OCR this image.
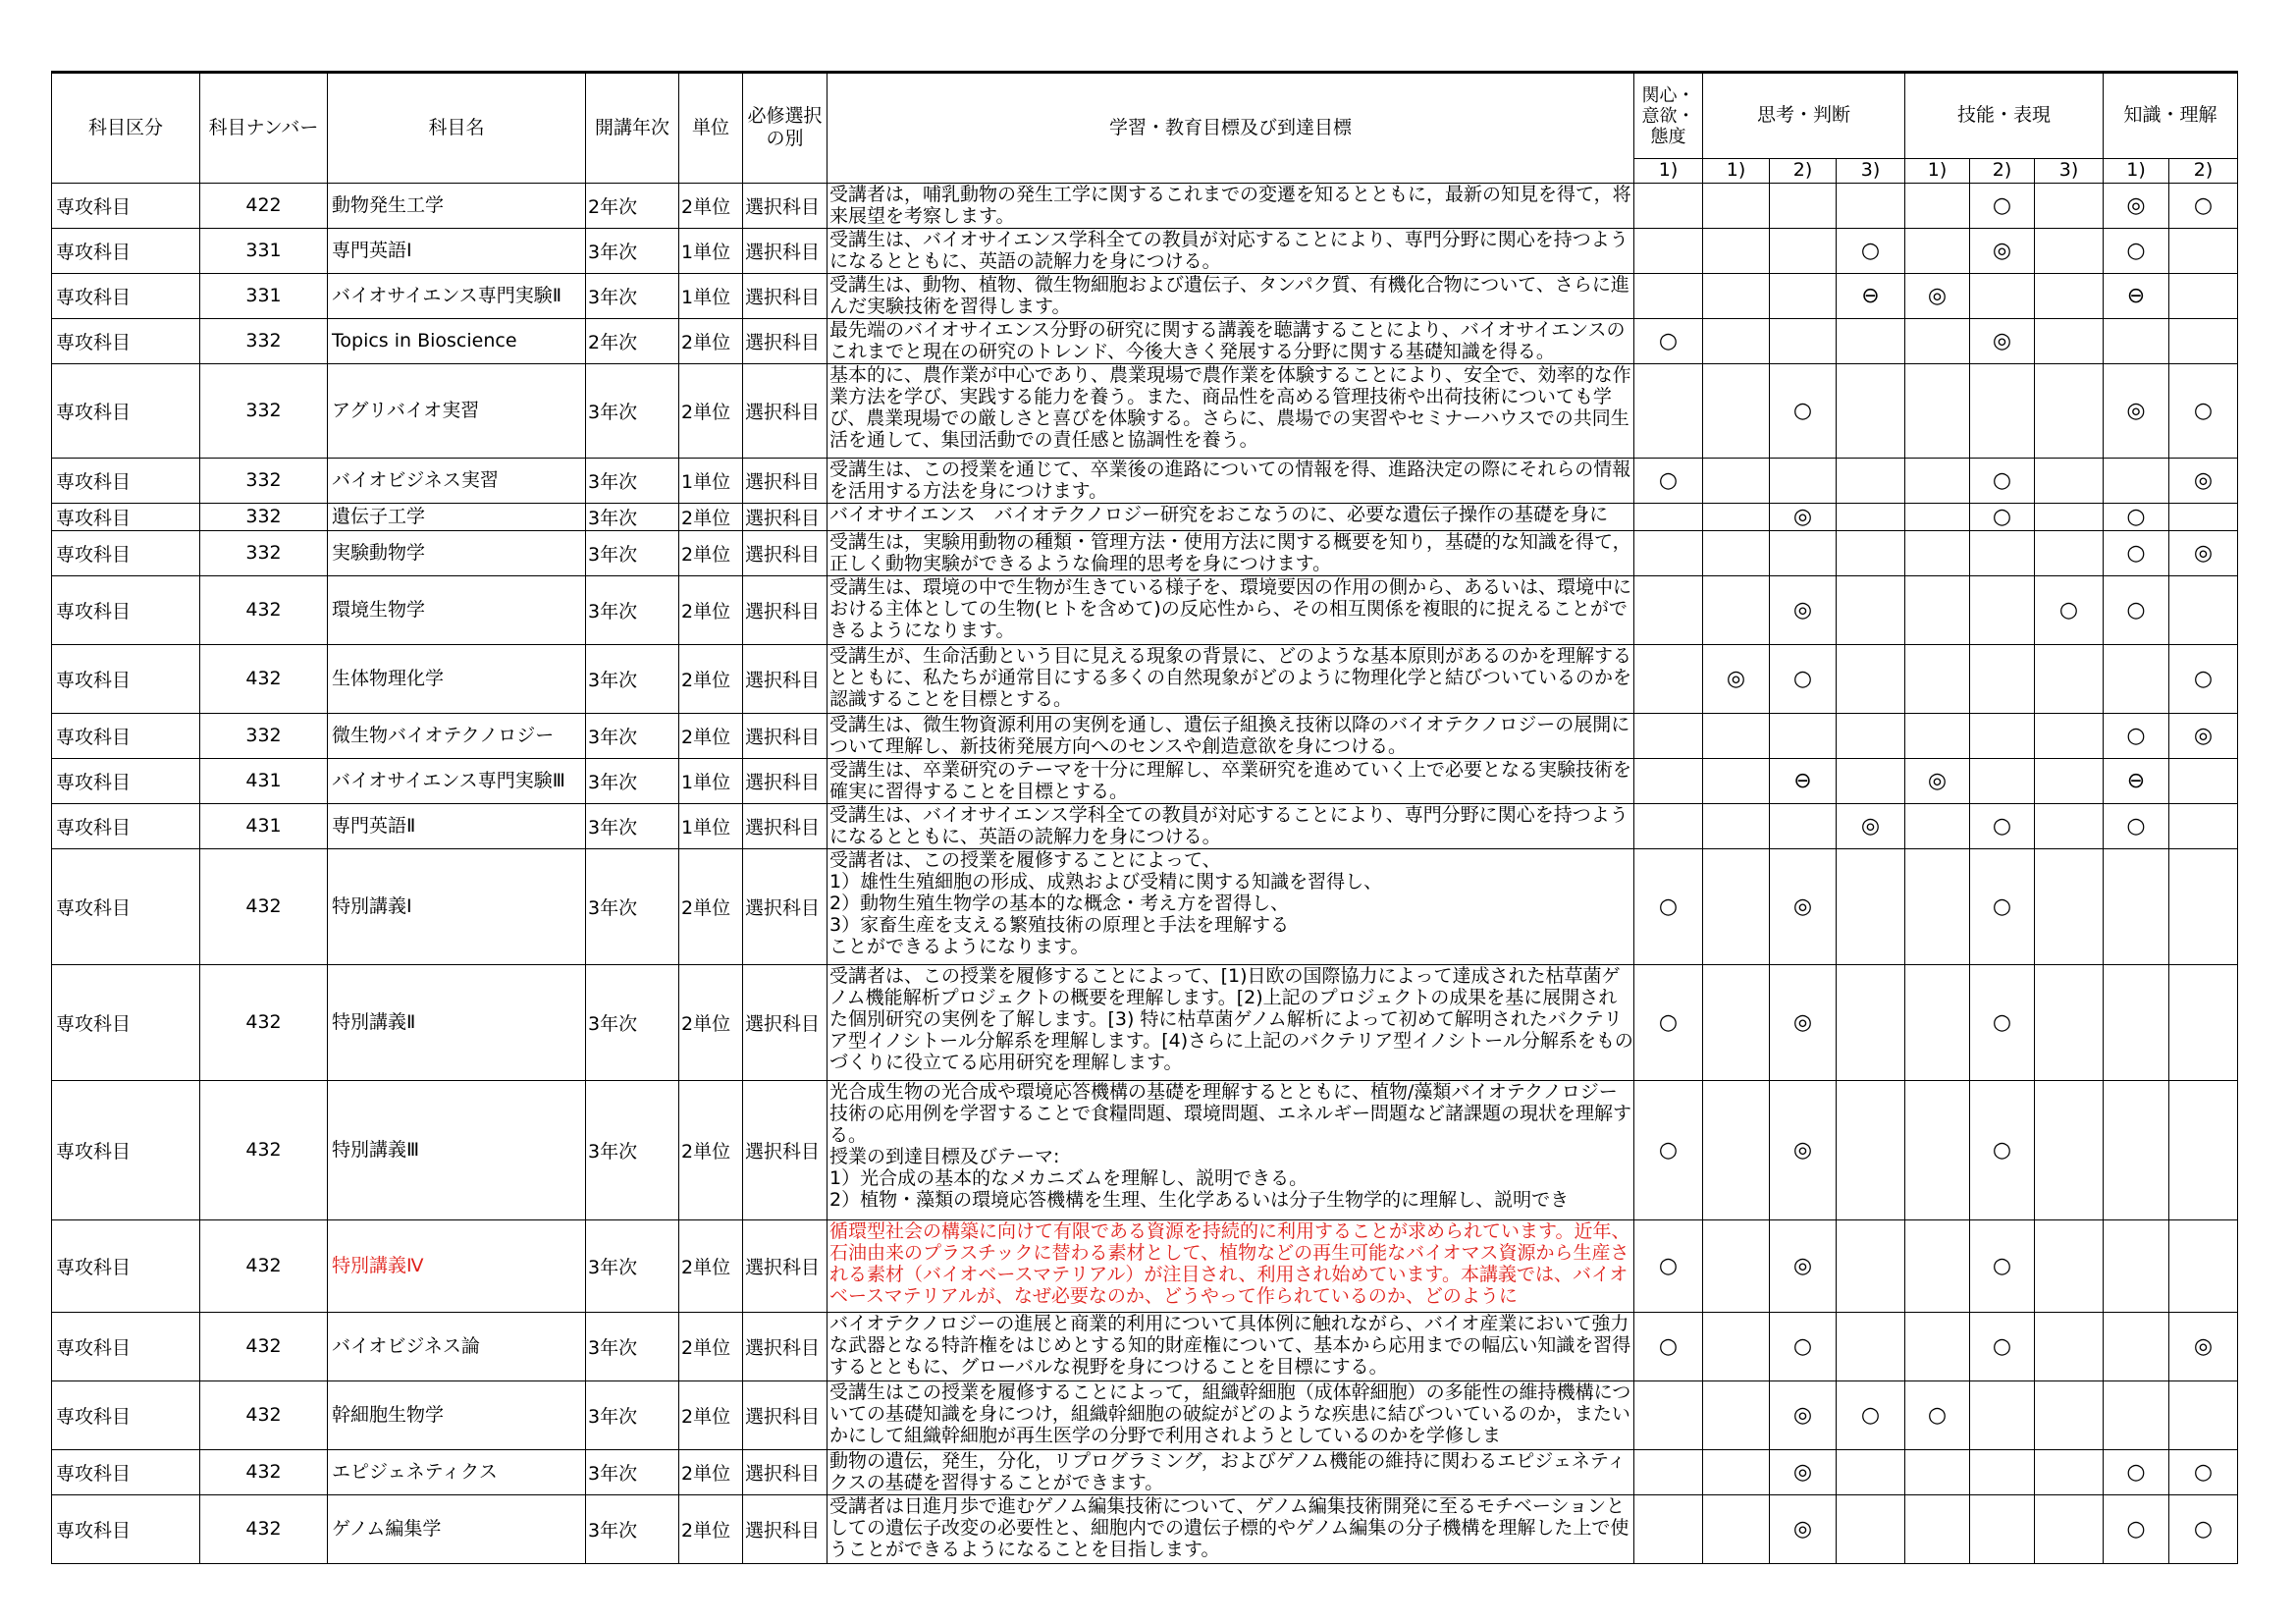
科目区分	科目ナンバー	科目名	開講年次	単位	必修選択の別	学習・教育目標及び到達目標	関心・意欲・態度	思考・判断			技能・表現			知識・理解	
							1)	1)	2)	3)	1)	2)	3)	1)	2)
専攻科目	422	動物発生工学	2年次	2単位	選択科目	受講者は，哺乳動物の発生工学に関するこれまでの変遷を知るとともに，最新の知見を得て，将来展望を考察します。						○		◎	○
専攻科目	331	専門英語Ⅰ	3年次	1単位	選択科目	受講生は、バイオサイエンス学科全ての教員が対応することにより、専門分野に関心を持つようになるとともに、英語の読解力を身につける。				○		◎		○	
専攻科目	331	バイオサイエンス専門実験Ⅱ	3年次	1単位	選択科目	受講生は、動物、植物、微生物細胞および遺伝子、タンパク質、有機化合物について、さらに進んだ実験技術を習得します。				⊖	◎			⊖	
専攻科目	332	Topics in Bioscience	2年次	2単位	選択科目	最先端のバイオサイエンス分野の研究に関する講義を聴講することにより、バイオサイエンスのこれまでと現在の研究のトレンド、今後大きく発展する分野に関する基礎知識を得る。	○					◎			
専攻科目	332	アグリバイオ実習	3年次	2単位	選択科目	基本的に、農作業が中心であり、農業現場で農作業を体験することにより、安全で、効率的な作業方法を学び、実践する能力を養う。また、商品性を高める管理技術や出荷技術についても学び、農業現場での厳しさと喜びを体験する。さらに、農場での実習やセミナーハウスでの共同生活を通して、集団活動での責任感と協調性を養う。			○					◎	○
専攻科目	332	バイオビジネス実習	3年次	1単位	選択科目	受講生は、この授業を通じて、卒業後の進路についての情報を得、進路決定の際にそれらの情報を活用する方法を身につけます。	○					○			◎
専攻科目	332	遺伝子工学	3年次	2単位	選択科目	バイオサイエンス　バイオテクノロジー研究をおこなうのに、必要な遺伝子操作の基礎を身に			◎			○		○	
専攻科目	332	実験動物学	3年次	2単位	選択科目	受講生は，実験用動物の種類・管理方法・使用方法に関する概要を知り，基礎的な知識を得て，正しく動物実験ができるような倫理的思考を身につけます。								○	◎
専攻科目	432	環境生物学	3年次	2単位	選択科目	受講生は、環境の中で生物が生きている様子を、環境要因の作用の側から、あるいは、環境中における主体としての生物(ヒトを含めて)の反応性から、その相互関係を複眼的に捉えることができるようになります。			◎				○	○	
専攻科目	432	生体物理化学	3年次	2単位	選択科目	受講生が、生命活動という目に見える現象の背景に、どのような基本原則があるのかを理解するとともに、私たちが通常目にする多くの自然現象がどのように物理化学と結びついているのかを認識することを目標とする。		◎	○						○
専攻科目	332	微生物バイオテクノロジー	3年次	2単位	選択科目	受講生は、微生物資源利用の実例を通し、遺伝子組換え技術以降のバイオテクノロジーの展開について理解し、新技術発展方向へのセンスや創造意欲を身につける。								○	◎
専攻科目	431	バイオサイエンス専門実験Ⅲ	3年次	1単位	選択科目	受講生は、卒業研究のテーマを十分に理解し、卒業研究を進めていく上で必要となる実験技術を確実に習得することを目標とする。			⊖		◎			⊖	
専攻科目	431	専門英語Ⅱ	3年次	1単位	選択科目	受講生は、バイオサイエンス学科全ての教員が対応することにより、専門分野に関心を持つようになるとともに、英語の読解力を身につける。				◎		○		○	
専攻科目	432	特別講義Ⅰ	3年次	2単位	選択科目	受講者は、この授業を履修することによって、
1）雄性生殖細胞の形成、成熟および受精に関する知識を習得し、
2）動物生殖生物学の基本的な概念・考え方を習得し、
3）家畜生産を支える繁殖技術の原理と手法を理解する
ことができるようになります。	○		◎			○			
専攻科目	432	特別講義Ⅱ	3年次	2単位	選択科目	受講者は、この授業を履修することによって、[1)日欧の国際協力によって達成された枯草菌ゲノム機能解析プロジェクトの概要を理解します。[2)上記のプロジェクトの成果を基に展開された個別研究の実例を了解します。[3) 特に枯草菌ゲノム解析によって初めて解明されたバクテリア型イノシトール分解系を理解します。[4)さらに上記のバクテリア型イノシトール分解系をものづくりに役立てる応用研究を理解します。	○		◎			○			
専攻科目	432	特別講義Ⅲ	3年次	2単位	選択科目	光合成生物の光合成や環境応答機構の基礎を理解するとともに、植物/藻類バイオテクノロジー技術の応用例を学習することで食糧問題、環境問題、エネルギー問題など諸課題の現状を理解する。
授業の到達目標及びテーマ:
1）光合成の基本的なメカニズムを理解し、説明できる。
2）植物・藻類の環境応答機構を生理、生化学あるいは分子生物学的に理解し、説明でき	○		◎			○			
専攻科目	432	特別講義Ⅳ	3年次	2単位	選択科目	循環型社会の構築に向けて有限である資源を持続的に利用することが求められています。近年、石油由来のプラスチックに替わる素材として、植物などの再生可能なバイオマス資源から生産される素材（バイオベースマテリアル）が注目され、利用され始めています。本講義では、バイオベースマテリアルが、なぜ必要なのか、どうやって作られているのか、どのように	○		◎			○			
専攻科目	432	バイオビジネス論	3年次	2単位	選択科目	バイオテクノロジーの進展と商業的利用について具体例に触れながら、バイオ産業において強力な武器となる特許権をはじめとする知的財産権について、基本から応用までの幅広い知識を習得するとともに、グローバルな視野を身につけることを目標にする。	○		○			○			◎
専攻科目	432	幹細胞生物学	3年次	2単位	選択科目	受講生はこの授業を履修することによって，組織幹細胞（成体幹細胞）の多能性の維持機構についての基礎知識を身につけ，組織幹細胞の破綻がどのような疾患に結びついているのか，またいかにして組織幹細胞が再生医学の分野で利用されようとしているのかを学修しま			◎	○	○				
専攻科目	432	エピジェネティクス	3年次	2単位	選択科目	動物の遺伝，発生，分化，リプログラミング，およびゲノム機能の維持に関わるエピジェネティクスの基礎を習得することができます。			◎					○	○
専攻科目	432	ゲノム編集学	3年次	2単位	選択科目	受講者は日進月歩で進むゲノム編集技術について、ゲノム編集技術開発に至るモチベーションとしての遺伝子改変の必要性と、細胞内での遺伝子標的やゲノム編集の分子機構を理解した上で使うことができるようになることを目指します。			◎					○	○
